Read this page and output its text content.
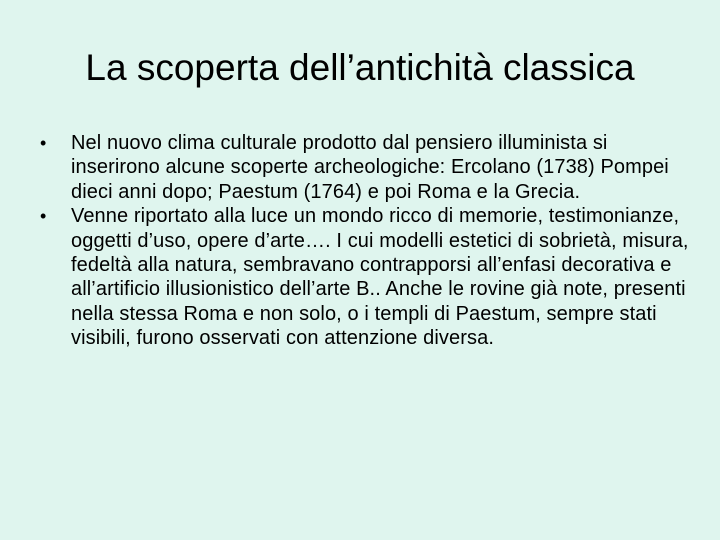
La scoperta dell’antichità classica
• Nel nuovo clima culturale prodotto dal pensiero illuminista si inserirono alcune scoperte archeologiche: Ercolano (1738) Pompei dieci anni dopo; Paestum (1764) e poi Roma e la Grecia.
• Venne riportato alla luce un mondo ricco di memorie, testimonianze, oggetti d’uso, opere d’arte…. I cui modelli estetici di sobrietà, misura, fedeltà alla natura, sembravano contrapporsi all’enfasi decorativa e all’artificio illusionistico dell’arte B.. Anche le rovine già note, presenti nella stessa Roma e non solo, o i templi di Paestum, sempre stati visibili, furono osservati con attenzione diversa.
